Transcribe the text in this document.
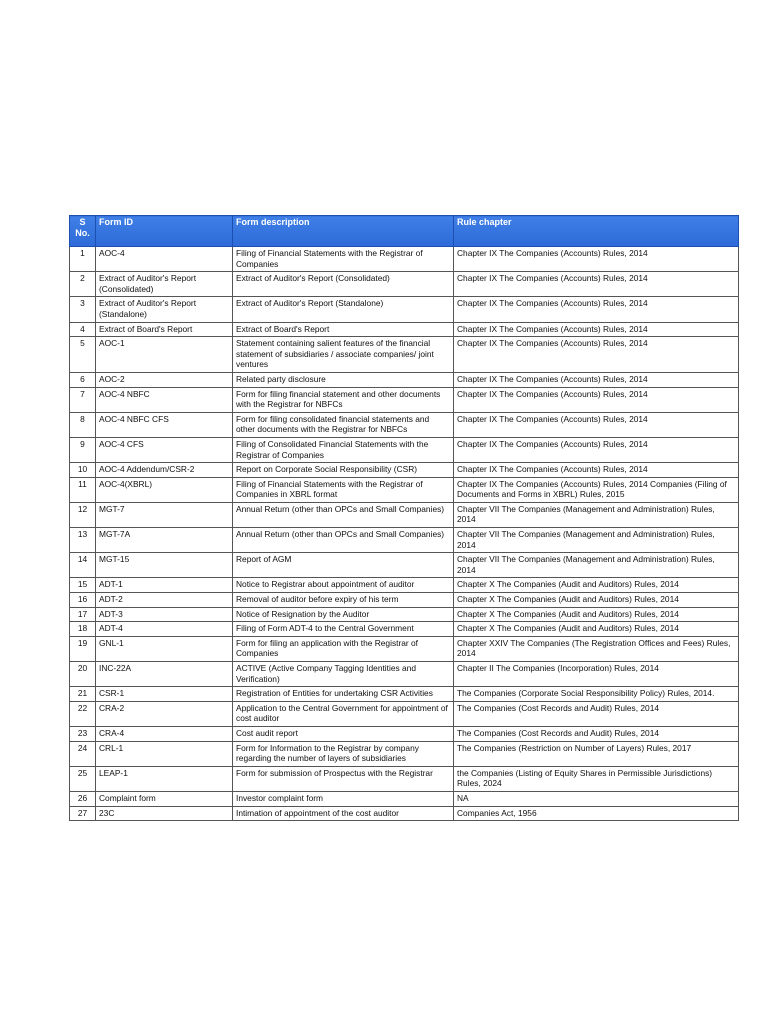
S No.	Form ID	Form description	Rule chapter
1	AOC-4	Filing of Financial Statements with the Registrar of Companies	Chapter IX The Companies (Accounts) Rules, 2014
2	Extract of Auditor's Report (Consolidated)	Extract of Auditor's Report (Consolidated)	Chapter IX The Companies (Accounts) Rules, 2014
3	Extract of Auditor's Report (Standalone)	Extract of Auditor's Report (Standalone)	Chapter IX The Companies (Accounts) Rules, 2014
4	Extract of Board's Report	Extract of Board's Report	Chapter IX The Companies (Accounts) Rules, 2014
5	AOC-1	Statement containing salient features of the financial statement of subsidiaries / associate companies/ joint ventures	Chapter IX The Companies (Accounts) Rules, 2014
6	AOC-2	Related party disclosure	Chapter IX The Companies (Accounts) Rules, 2014
7	AOC-4 NBFC	Form for filing financial statement and other documents with the Registrar for NBFCs	Chapter IX The Companies (Accounts) Rules, 2014
8	AOC-4 NBFC CFS	Form for filing consolidated financial statements and other documents with the Registrar for NBFCs	Chapter IX The Companies (Accounts) Rules, 2014
9	AOC-4 CFS	Filing of Consolidated Financial Statements with the Registrar of Companies	Chapter IX The Companies (Accounts) Rules, 2014
10	AOC-4 Addendum/CSR-2	Report on Corporate Social Responsibility (CSR)	Chapter IX The Companies (Accounts) Rules, 2014
11	AOC-4(XBRL)	Filing of Financial Statements with the Registrar of Companies in XBRL format	Chapter IX The Companies (Accounts) Rules, 2014 Companies (Filing of Documents and Forms in XBRL) Rules, 2015
12	MGT-7	Annual Return (other than OPCs and Small Companies)	Chapter VII The Companies (Management and Administration) Rules, 2014
13	MGT-7A	Annual Return (other than OPCs and Small Companies)	Chapter VII The Companies (Management and Administration) Rules, 2014
14	MGT-15	Report of AGM	Chapter VII The Companies (Management and Administration) Rules, 2014
15	ADT-1	Notice to Registrar about appointment of auditor	Chapter X The Companies (Audit and Auditors) Rules, 2014
16	ADT-2	Removal of auditor before expiry of his term	Chapter X The Companies (Audit and Auditors) Rules, 2014
17	ADT-3	Notice of Resignation by the Auditor	Chapter X The Companies (Audit and Auditors) Rules, 2014
18	ADT-4	Filing of Form ADT-4 to the Central Government	Chapter X The Companies (Audit and Auditors) Rules, 2014
19	GNL-1	Form for filing an application with the Registrar of Companies	Chapter XXIV The Companies (The Registration Offices and Fees) Rules, 2014
20	INC-22A	ACTIVE (Active Company Tagging Identities and Verification)	Chapter II The Companies (Incorporation) Rules, 2014
21	CSR-1	Registration of Entities for undertaking CSR Activities	The Companies (Corporate Social Responsibility Policy) Rules, 2014.
22	CRA-2	Application to the Central Government for appointment of cost auditor	The Companies (Cost Records and Audit) Rules, 2014
23	CRA-4	Cost audit report	The Companies (Cost Records and Audit) Rules, 2014
24	CRL-1	Form for Information to the Registrar by company regarding the number of layers of subsidiaries	The Companies (Restriction on Number of Layers) Rules, 2017
25	LEAP-1	Form for submission of Prospectus with the Registrar	the Companies (Listing of Equity Shares in Permissible Jurisdictions) Rules, 2024
26	Complaint form	Investor complaint form	NA
27	23C	Intimation of appointment of the cost auditor	Companies Act, 1956
